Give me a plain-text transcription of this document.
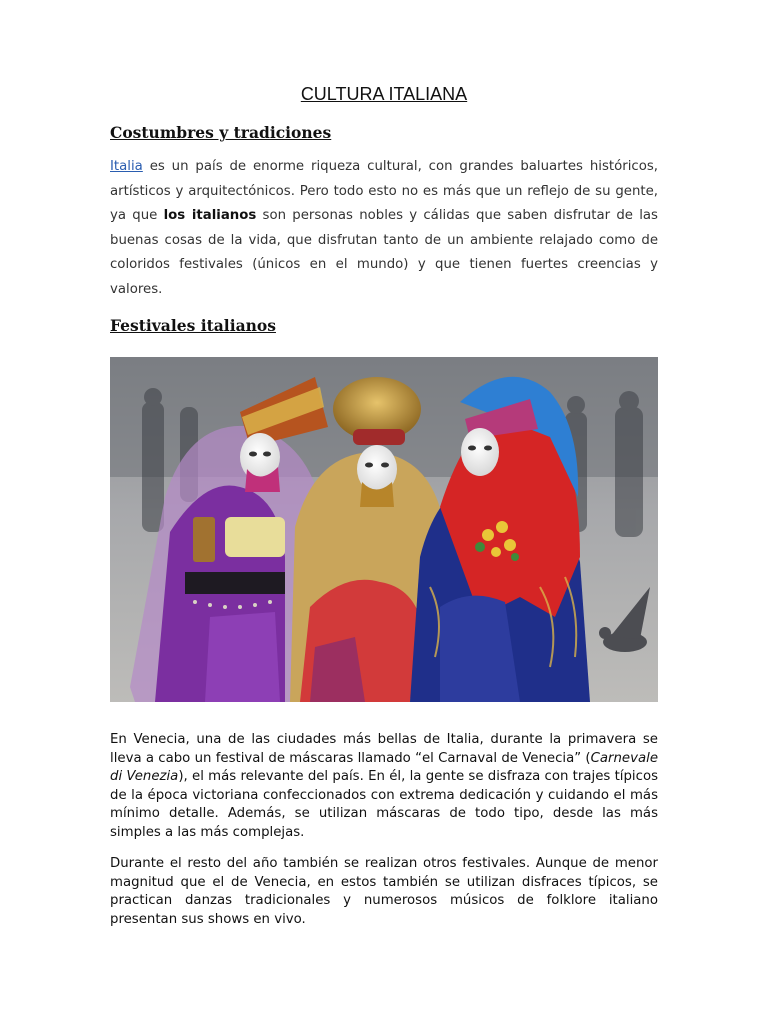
CULTURA ITALIANA
Costumbres y tradiciones
Italia es un país de enorme riqueza cultural, con grandes baluartes históricos, artísticos y arquitectónicos. Pero todo esto no es más que un reflejo de su gente, ya que los italianos son personas nobles y cálidas que saben disfrutar de las buenas cosas de la vida, que disfrutan tanto de un ambiente relajado como de coloridos festivales (únicos en el mundo) y que tienen fuertes creencias y valores.
Festivales italianos
En Venecia, una de las ciudades más bellas de Italia, durante la primavera se lleva a cabo un festival de máscaras llamado “el Carnaval de Venecia” (Carnevale di Venezia), el más relevante del país. En él, la gente se disfraza con trajes típicos de la época victoriana confeccionados con extrema dedicación y cuidando el más mínimo detalle. Además, se utilizan máscaras de todo tipo, desde las más simples a las más complejas.
Durante el resto del año también se realizan otros festivales. Aunque de menor magnitud que el de Venecia, en estos también se utilizan disfraces típicos, se practican danzas tradicionales y numerosos músicos de folklore italiano presentan sus shows en vivo.
